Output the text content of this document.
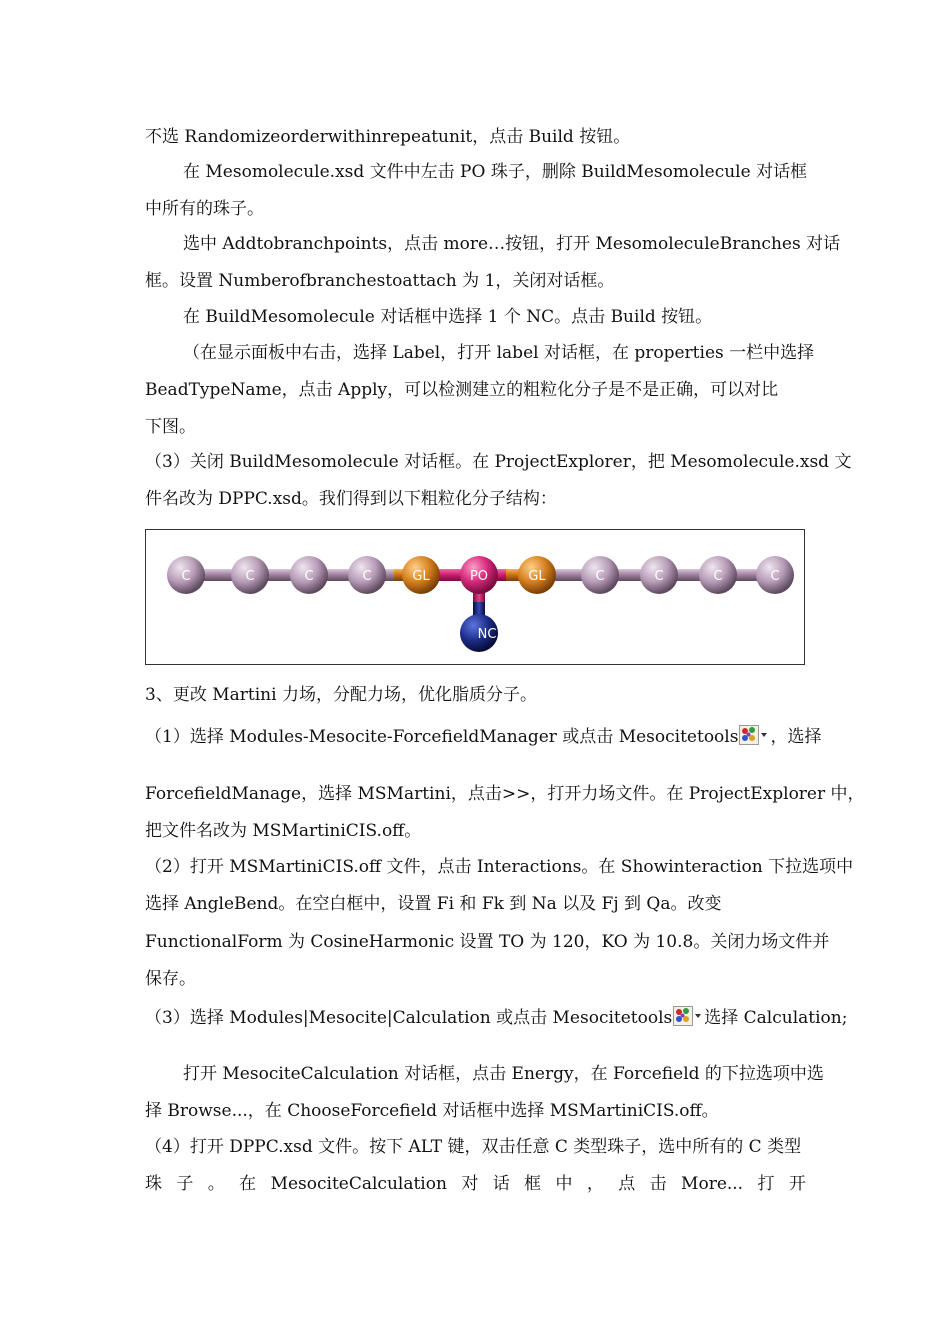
不选 Randomizeorderwithinrepeatunit，点击 Build 按钮。
在 Mesomolecule.xsd 文件中左击 PO 珠子，删除 BuildMesomolecule 对话框
中所有的珠子。
选中 Addtobranchpoints，点击 more…按钮，打开 MesomoleculeBranches 对话
框。设置 Numberofbranchestoattach 为 1，关闭对话框。
在 BuildMesomolecule 对话框中选择 1 个 NC。点击 Build 按钮。
（在显示面板中右击，选择 Label，打开 label 对话框，在 properties 一栏中选择
BeadTypeName，点击 Apply，可以检测建立的粗粒化分子是不是正确，可以对比
下图。
（3）关闭 BuildMesomolecule 对话框。在 ProjectExplorer，把 Mesomolecule.xsd 文
件名改为 DPPC.xsd。我们得到以下粗粒化分子结构：
C	C	C	C	GL	PO	GL	C	C	C	C
NC
3、更改 Martini 力场，分配力场，优化脂质分子。
（1）选择 Modules-Mesocite-ForcefieldManager 或点击 Mesocitetools ，选择
ForcefieldManage，选择 MSMartini，点击>>，打开力场文件。在 ProjectExplorer 中，
把文件名改为 MSMartiniCIS.off。
（2）打开 MSMartiniCIS.off 文件，点击 Interactions。在 Showinteraction 下拉选项中
选择 AngleBend。在空白框中，设置 Fi 和 Fk 到 Na 以及 Fj 到 Qa。改变
FunctionalForm 为 CosineHarmonic 设置 TO 为 120，KO 为 10.8。关闭力场文件并
保存。
（3）选择 Modules|Mesocite|Calculation 或点击 Mesocitetools 选择 Calculation;
打开 MesociteCalculation 对话框，点击 Energy，在 Forcefield 的下拉选项中选
择 Browse...，在 ChooseForcefield 对话框中选择 MSMartiniCIS.off。
（4）打开 DPPC.xsd 文件。按下 ALT 键，双击任意 C 类型珠子，选中所有的 C 类型
珠 子 。 在 MesociteCalculation 对 话 框 中 ， 点 击 More... 打 开
